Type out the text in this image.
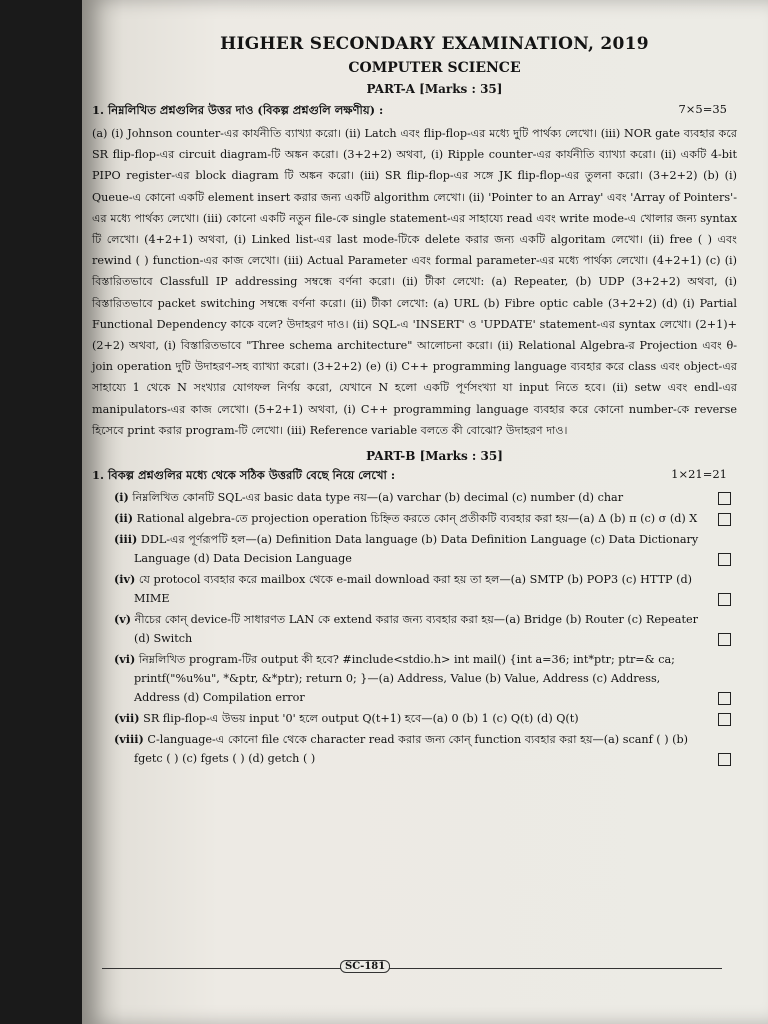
HIGHER SECONDARY EXAMINATION, 2019
COMPUTER SCIENCE
PART-A [Marks : 35]
1. নিম্নলিখিত প্রশ্নগুলির উত্তর দাও (বিকল্প প্রশ্নগুলি লক্ষণীয়) :	7×5=35
(a) (i) Johnson counter-এর কার্যনীতি ব্যাখ্যা করো। (ii) Latch এবং flip-flop-এর মধ্যে দুটি পার্থক্য লেখো। (iii) NOR gate ব্যবহার করে SR flip-flop-এর circuit diagram-টি অঙ্কন করো। (3+2+2) অথবা, (i) Ripple counter-এর কার্যনীতি ব্যাখ্যা করো। (ii) একটি 4-bit PIPO register-এর block diagram টি অঙ্কন করো। (iii) SR flip-flop-এর সঙ্গে JK flip-flop-এর তুলনা করো। (3+2+2) (b) (i) Queue-এ কোনো একটি element insert করার জন্য একটি algorithm লেখো। (ii) 'Pointer to an Array' এবং 'Array of Pointers'-এর মধ্যে পার্থক্য লেখো। (iii) কোনো একটি নতুন file-কে single statement-এর সাহায্যে read এবং write mode-এ খোলার জন্য syntax টি লেখো। (4+2+1) অথবা, (i) Linked list-এর last mode-টিকে delete করার জন্য একটি algoritam লেখো। (ii) free ( ) এবং rewind ( ) function-এর কাজ লেখো। (iii) Actual Parameter এবং formal parameter-এর মধ্যে পার্থক্য লেখো। (4+2+1) (c) (i) বিস্তারিতভাবে Classfull IP addressing সম্বন্ধে বর্ণনা করো। (ii) টীকা লেখো: (a) Repeater, (b) UDP (3+2+2) অথবা, (i) বিস্তারিতভাবে packet switching সম্বন্ধে বর্ণনা করো। (ii) টীকা লেখো: (a) URL (b) Fibre optic cable (3+2+2) (d) (i) Partial Functional Dependency কাকে বলে? উদাহরণ দাও। (ii) SQL-এ 'INSERT' ও 'UPDATE' statement-এর syntax লেখো। (2+1)+(2+2) অথবা, (i) বিস্তারিতভাবে "Three schema architecture" আলোচনা করো। (ii) Relational Algebra-র Projection এবং θ-join operation দুটি উদাহরণ-সহ ব্যাখ্যা করো। (3+2+2) (e) (i) C++ programming language ব্যবহার করে class এবং object-এর সাহায্যে 1 থেকে N সংখ্যার যোগফল নির্ণয় করো, যেখানে N হলো একটি পূর্ণসংখ্যা যা input নিতে হবে। (ii) setw এবং endl-এর manipulators-এর কাজ লেখো। (5+2+1) অথবা, (i) C++ programming language ব্যবহার করে কোনো number-কে reverse হিসেবে print করার program-টি লেখো। (iii) Reference variable বলতে কী বোঝো? উদাহরণ দাও।
PART-B [Marks : 35]
1. বিকল্প প্রশ্নগুলির মধ্যে থেকে সঠিক উত্তরটি বেছে নিয়ে লেখো :	1×21=21
(i) নিম্নলিখিত কোনটি SQL-এর basic data type নয়—(a) varchar (b) decimal (c) number (d) char
(ii) Rational algebra-তে projection operation চিহ্নিত করতে কোন্ প্রতীকটি ব্যবহার করা হয়—(a) Δ (b) π (c) σ (d) X
(iii) DDL-এর পূর্ণরূপটি হল—(a) Definition Data language (b) Data Definition Language (c) Data Dictionary Language (d) Data Decision Language
(iv) যে protocol ব্যবহার করে mailbox থেকে e-mail download করা হয় তা হল—(a) SMTP (b) POP3 (c) HTTP (d) MIME
(v) নীচের কোন্ device-টি সাধারণত LAN কে extend করার জন্য ব্যবহার করা হয়—(a) Bridge (b) Router (c) Repeater (d) Switch
(vi) নিম্নলিখিত program-টির output কী হবে? #include<stdio.h> int mail() {int a=36; int*ptr; ptr=& ca; printf("%u%u", *&ptr, &*ptr); return 0; }—(a) Address, Value (b) Value, Address (c) Address, Address (d) Compilation error
(vii) SR flip-flop-এ উভয় input '0' হলে output Q(t+1) হবে—(a) 0 (b) 1 (c) Q(t) (d) Q(t)
(viii) C-language-এ কোনো file থেকে character read করার জন্য কোন্ function ব্যবহার করা হয়—(a) scanf ( ) (b) fgetc ( ) (c) fgets ( ) (d) getch ( )
SC-181
